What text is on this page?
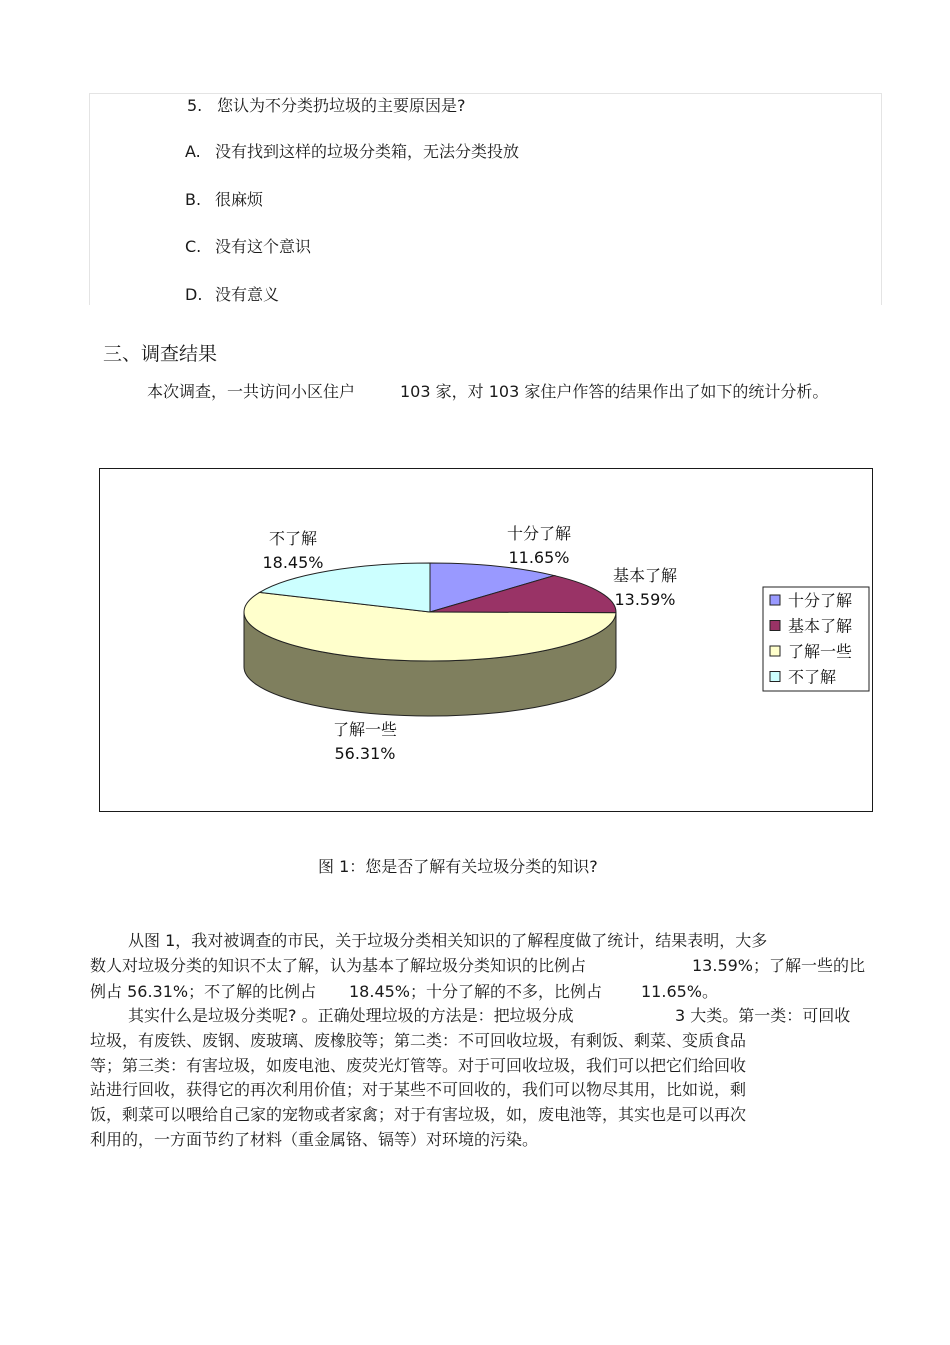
5. 您认为不分类扔垃圾的主要原因是?
A. 没有找到这样的垃圾分类箱，无法分类投放
B. 很麻烦
C. 没有这个意识
D. 没有意义
三、调查结果
本次调查，一共访问小区住户	103 家，对 103 家住户作答的结果作出了如下的统计分析。
十分了解
11.65%
基本了解
13.59%
了解一些
56.31%
不了解
18.45%
十分了解
基本了解
了解一些
不了解
图 1：您是否了解有关垃圾分类的知识?
从图 1，我对被调查的市民，关于垃圾分类相关知识的了解程度做了统计，结果表明，大多
数人对垃圾分类的知识不太了解，认为基本了解垃圾分类知识的比例占	13.59%；了解一些的比
例占 56.31%；不了解的比例占 18.45%；十分了解的不多，比例占 11.65%。
其实什么是垃圾分类呢? 。正确处理垃圾的方法是：把垃圾分成	3 大类。第一类：可回收
垃圾，有废铁、废钢、废玻璃、废橡胶等；第二类：不可回收垃圾，有剩饭、剩菜、变质食品
等；第三类：有害垃圾，如废电池、废荧光灯管等。对于可回收垃圾，我们可以把它们给回收
站进行回收，获得它的再次利用价值；对于某些不可回收的，我们可以物尽其用，比如说，剩
饭，剩菜可以喂给自己家的宠物或者家禽；对于有害垃圾，如，废电池等，其实也是可以再次
利用的，一方面节约了材料（重金属铬、镉等）对环境的污染。
